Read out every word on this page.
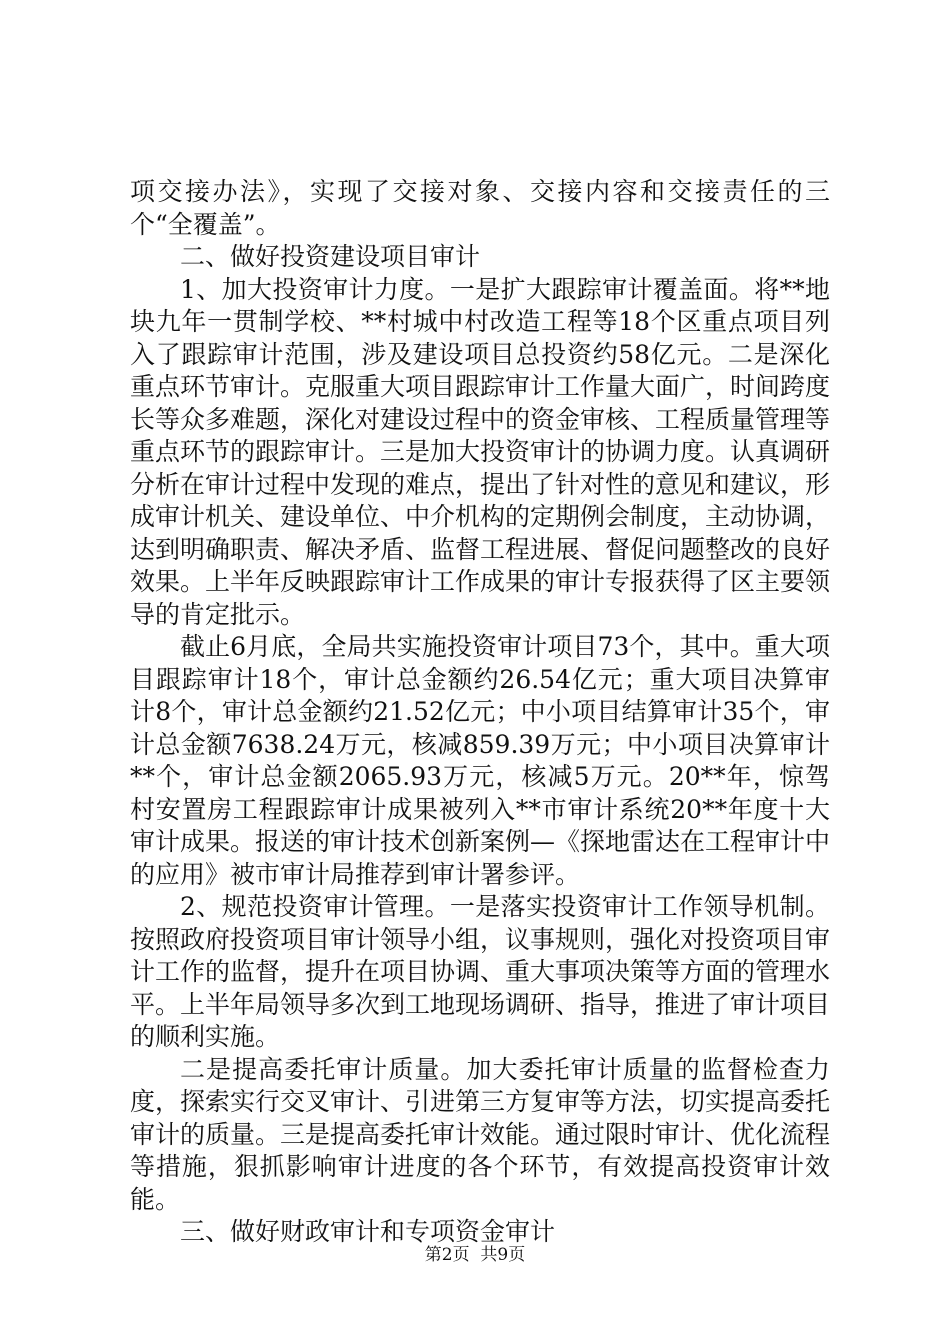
项交接办法》，实现了交接对象、交接内容和交接责任的三个“全覆盖”。

二、做好投资建设项目审计

1、加大投资审计力度。一是扩大跟踪审计覆盖面。将**地块九年一贯制学校、**村城中村改造工程等18个区重点项目列入了跟踪审计范围，涉及建设项目总投资约58亿元。二是深化重点环节审计。克服重大项目跟踪审计工作量大面广，时间跨度长等众多难题，深化对建设过程中的资金审核、工程质量管理等重点环节的跟踪审计。三是加大投资审计的协调力度。认真调研分析在审计过程中发现的难点，提出了针对性的意见和建议，形成审计机关、建设单位、中介机构的定期例会制度，主动协调，达到明确职责、解决矛盾、监督工程进展、督促问题整改的良好效果。上半年反映跟踪审计工作成果的审计专报获得了区主要领导的肯定批示。

截止6月底，全局共实施投资审计项目73个，其中。重大项目跟踪审计18个，审计总金额约26.54亿元；重大项目决算审计8个，审计总金额约21.52亿元；中小项目结算审计35个，审计总金额7638.24万元，核减859.39万元；中小项目决算审计**个，审计总金额2065.93万元，核减5万元。20**年，惊驾村安置房工程跟踪审计成果被列入**市审计系统20**年度十大审计成果。报送的审计技术创新案例—《探地雷达在工程审计中的应用》被市审计局推荐到审计署参评。

2、规范投资审计管理。一是落实投资审计工作领导机制。按照政府投资项目审计领导小组，议事规则，强化对投资项目审计工作的监督，提升在项目协调、重大事项决策等方面的管理水平。上半年局领导多次到工地现场调研、指导，推进了审计项目的顺利实施。

二是提高委托审计质量。加大委托审计质量的监督检查力度，探索实行交叉审计、引进第三方复审等方法，切实提高委托审计的质量。三是提高委托审计效能。通过限时审计、优化流程等措施，狠抓影响审计进度的各个环节，有效提高投资审计效能。

三、做好财政审计和专项资金审计

第2页  共9页
